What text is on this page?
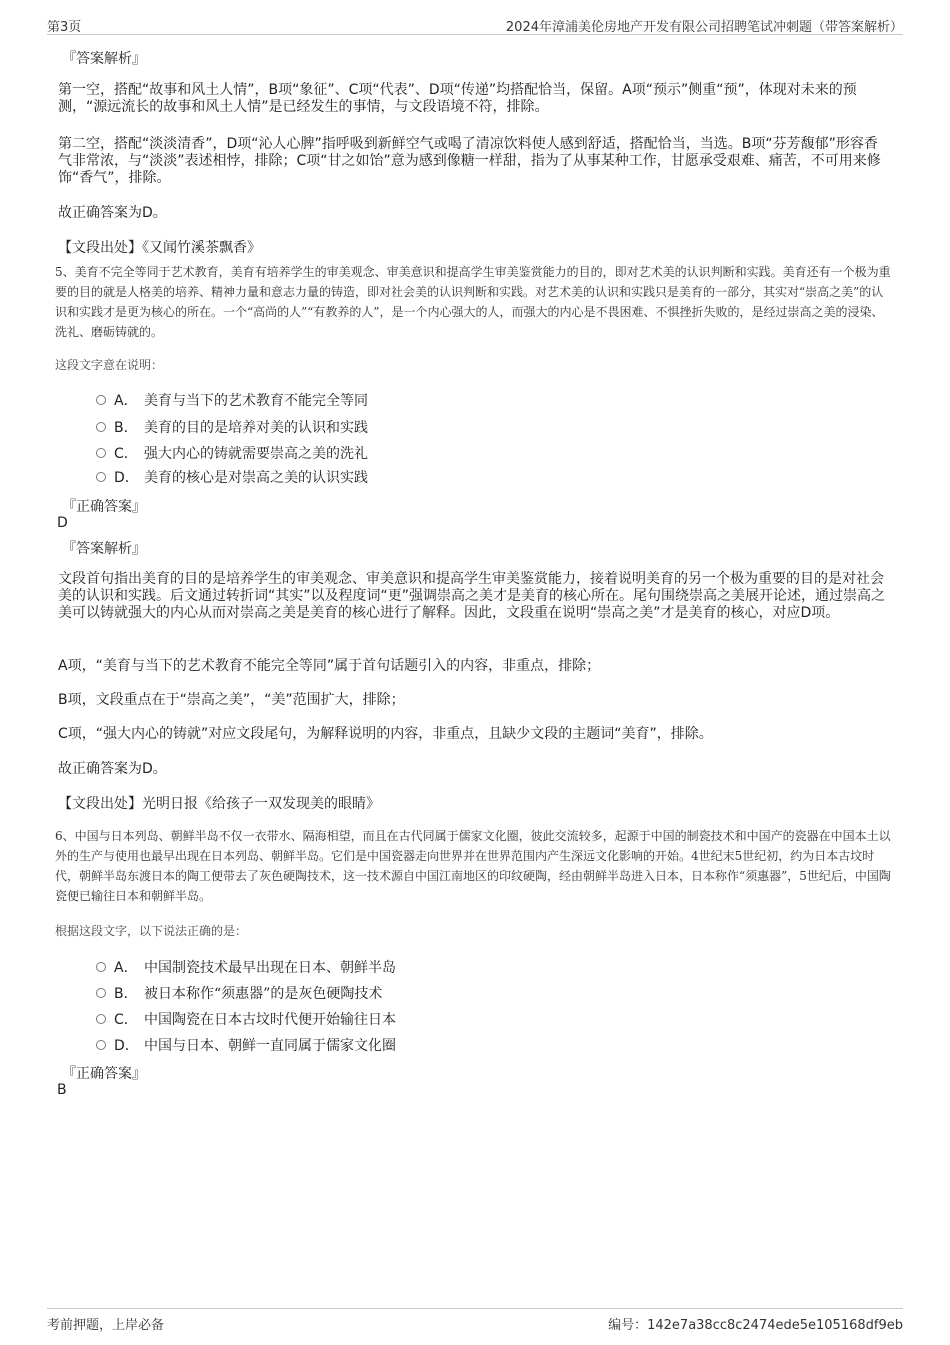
第3页	2024年漳浦美伦房地产开发有限公司招聘笔试冲刺题（带答案解析）
『答案解析』
第一空，搭配“故事和风土人情”，B项“象征”、C项“代表”、D项“传递”均搭配恰当，保留。A项“预示”侧重“预”，体现对未来的预测，“源远流长的故事和风土人情”是已经发生的事情，与文段语境不符，排除。
第二空，搭配“淡淡清香”，D项“沁人心脾”指呼吸到新鲜空气或喝了清凉饮料使人感到舒适，搭配恰当，当选。B项“芬芳馥郁”形容香气非常浓，与“淡淡”表述相悖，排除；C项“甘之如饴”意为感到像糖一样甜，指为了从事某种工作，甘愿承受艰难、痛苦，不可用来修饰“香气”，排除。
故正确答案为D。
【文段出处】《又闻竹溪茶飘香》
5、美育不完全等同于艺术教育，美育有培养学生的审美观念、审美意识和提高学生审美鉴赏能力的目的，即对艺术美的认识判断和实践。美育还有一个极为重要的目的就是人格美的培养、精神力量和意志力量的铸造，即对社会美的认识判断和实践。对艺术美的认识和实践只是美育的一部分，其实对“崇高之美”的认识和实践才是更为核心的所在。一个“高尚的人”“有教养的人”，是一个内心强大的人，而强大的内心是不畏困难、不惧挫折失败的，是经过崇高之美的浸染、洗礼、磨砺铸就的。
这段文字意在说明：
A． 美育与当下的艺术教育不能完全等同
B． 美育的目的是培养对美的认识和实践
C． 强大内心的铸就需要崇高之美的洗礼
D． 美育的核心是对崇高之美的认识实践
『正确答案』
D
『答案解析』
文段首句指出美育的目的是培养学生的审美观念、审美意识和提高学生审美鉴赏能力，接着说明美育的另一个极为重要的目的是对社会美的认识和实践。后文通过转折词“其实”以及程度词“更”强调崇高之美才是美育的核心所在。尾句围绕崇高之美展开论述，通过崇高之美可以铸就强大的内心从而对崇高之美是美育的核心进行了解释。因此，文段重在说明“崇高之美”才是美育的核心，对应D项。
A项，“美育与当下的艺术教育不能完全等同”属于首句话题引入的内容，非重点，排除；
B项，文段重点在于“崇高之美”，“美”范围扩大，排除；
C项，“强大内心的铸就”对应文段尾句，为解释说明的内容，非重点，且缺少文段的主题词“美育”，排除。
故正确答案为D。
【文段出处】光明日报《给孩子一双发现美的眼睛》
6、中国与日本列岛、朝鲜半岛不仅一衣带水、隔海相望，而且在古代同属于儒家文化圈，彼此交流较多，起源于中国的制瓷技术和中国产的瓷器在中国本土以外的生产与使用也最早出现在日本列岛、朝鲜半岛。它们是中国瓷器走向世界并在世界范围内产生深远文化影响的开始。4世纪末5世纪初，约为日本古坟时代，朝鲜半岛东渡日本的陶工便带去了灰色硬陶技术，这一技术源自中国江南地区的印纹硬陶，经由朝鲜半岛进入日本，日本称作“须惠器”，5世纪后，中国陶瓷便已输往日本和朝鲜半岛。
根据这段文字，以下说法正确的是：
A． 中国制瓷技术最早出现在日本、朝鲜半岛
B． 被日本称作“须惠器”的是灰色硬陶技术
C． 中国陶瓷在日本古坟时代便开始输往日本
D． 中国与日本、朝鲜一直同属于儒家文化圈
『正确答案』
B
考前押题，上岸必备	编号：142e7a38cc8c2474ede5e105168df9eb
